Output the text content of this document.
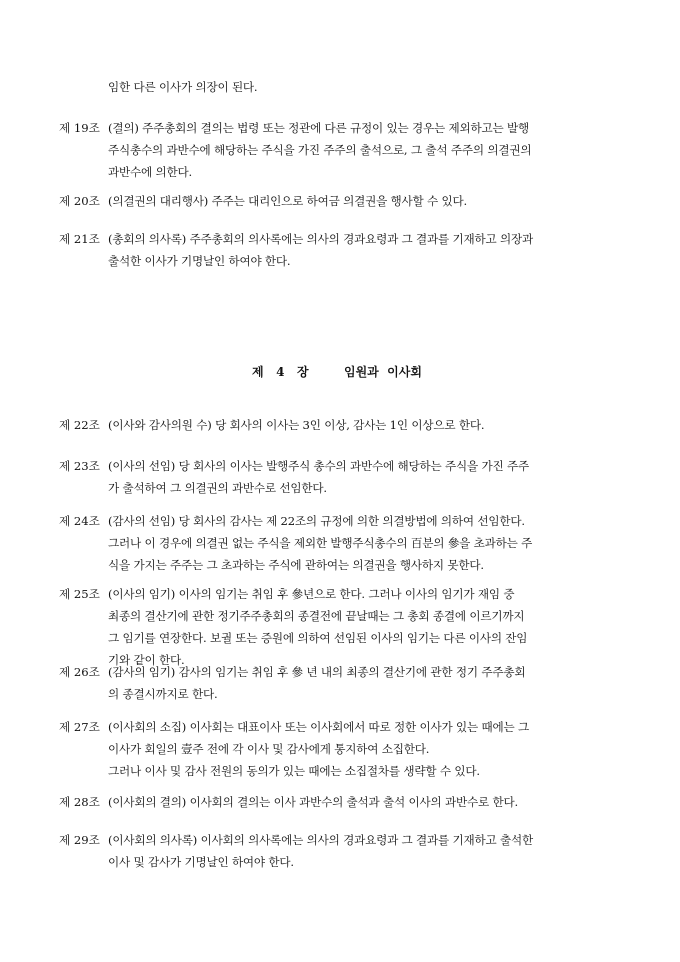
임한 다른 이사가 의장이 된다.
제 19조 (결의) 주주총회의 결의는 법령 또는 정관에 다른 규정이 있는 경우는 제외하고는 발행
주식총수의 과반수에 해당하는 주식을 가진 주주의 출석으로, 그 출석 주주의 의결권의
과반수에 의한다.
제 20조 (의결권의 대리행사) 주주는 대리인으로 하여금 의결권을 행사할 수 있다.
제 21조 (총회의 의사록) 주주총회의 의사록에는 의사의 경과요령과 그 결과를 기재하고 의장과
출석한 이사가 기명날인 하여야 한다.
제   4   장	임원과  이사회
제 22조 (이사와 감사의원 수) 당 회사의 이사는 3인 이상, 감사는 1인 이상으로 한다.
제 23조 (이사의 선임) 당 회사의 이사는 발행주식 총수의 과반수에 해당하는 주식을 가진 주주
가 출석하여 그 의결권의 과반수로 선임한다.
제 24조 (감사의 선임) 당 회사의 감사는 제 22조의 규정에 의한 의결방법에 의하여 선임한다.
그러나 이 경우에 의결권 없는 주식을 제외한 발행주식총수의 百분의 參을 초과하는 주
식을 가지는 주주는 그 초과하는 주식에 관하여는 의결권을 행사하지 못한다.
제 25조 (이사의 임기) 이사의 임기는 취임 후 參년으로 한다. 그러나 이사의 임기가 재임 중
최종의 결산기에 관한 정기주주총회의 종결전에 끝날때는 그 총회 종결에 이르기까지
그 임기를 연장한다. 보궐 또는 증원에 의하여 선임된 이사의 임기는 다른 이사의 잔임
기와 같이 한다.
제 26조 (감사의 임기) 감사의 임기는 취임 후 參 년 내의 최종의 결산기에 관한 정기 주주총회
의 종결시까지로 한다.
제 27조 (이사회의 소집) 이사회는 대표이사 또는 이사회에서 따로 정한 이사가 있는 때에는 그
이사가 회일의 壹주 전에 각 이사 및 감사에게 통지하여 소집한다.
그러나 이사 및 감사 전원의 동의가 있는 때에는 소집절차를 생략할 수 있다.
제 28조 (이사회의 결의) 이사회의 결의는 이사 과반수의 출석과 출석 이사의 과반수로 한다.
제 29조 (이사회의 의사록) 이사회의 의사록에는 의사의 경과요령과 그 결과를 기재하고 출석한
이사 및 감사가 기명날인 하여야 한다.
